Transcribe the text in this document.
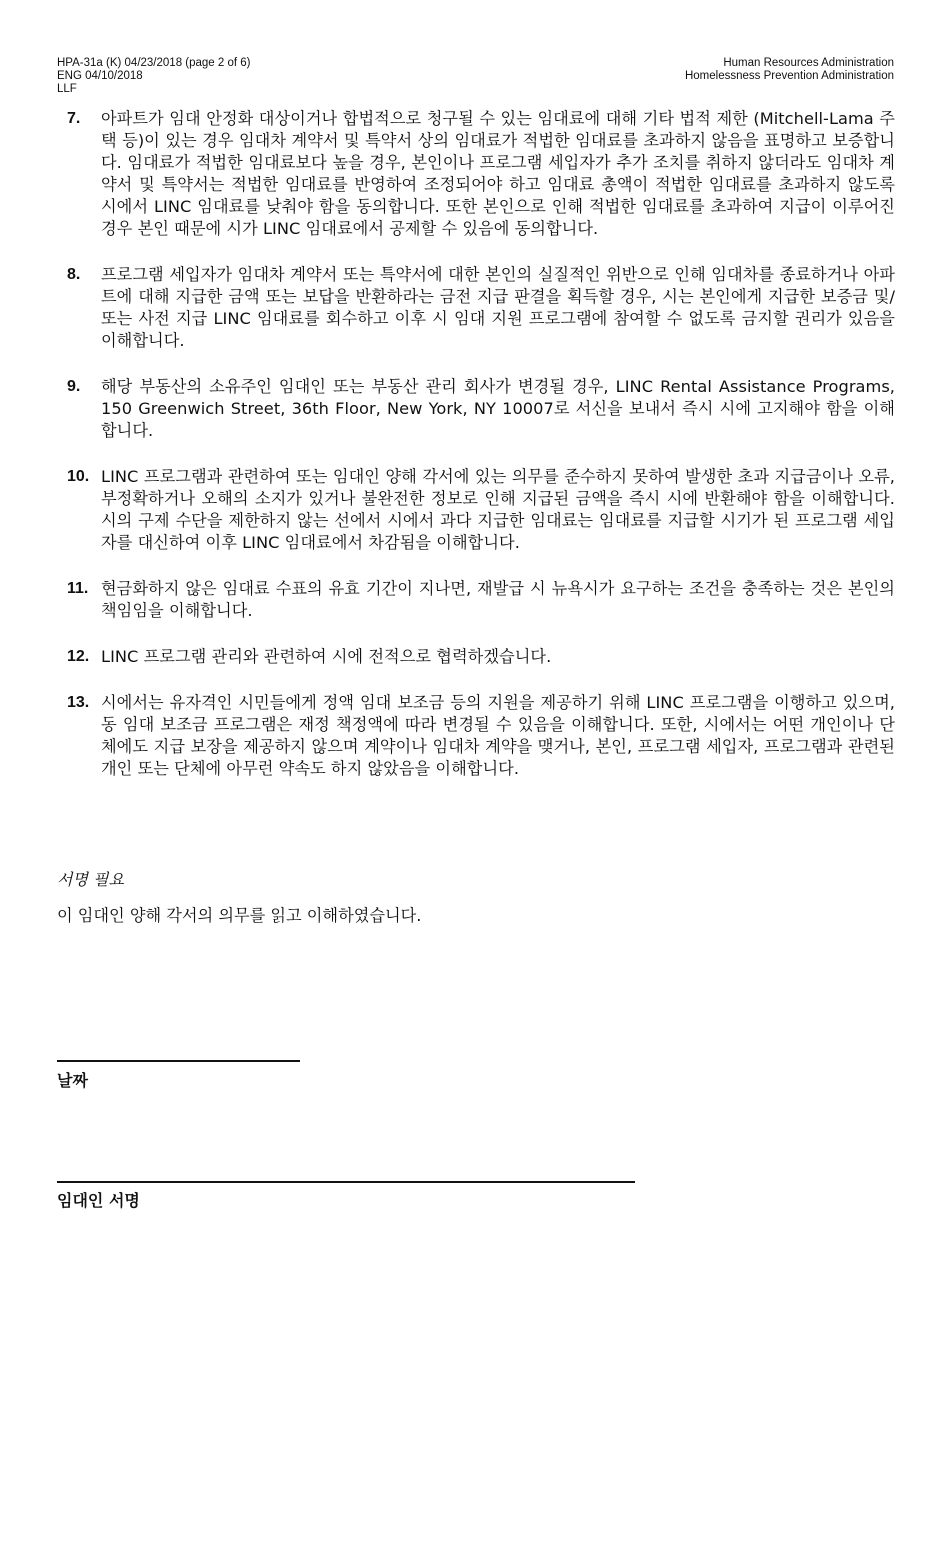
HPA-31a (K) 04/23/2018 (page 2 of 6)
ENG 04/10/2018
LLF
Human Resources Administration
Homelessness Prevention Administration
7.	아파트가 임대 안정화 대상이거나 합법적으로 청구될 수 있는 임대료에 대해 기타 법적 제한 (Mitchell-Lama 주택 등)이 있는 경우 임대차 계약서 및 특약서 상의 임대료가 적법한 임대료를 초과하지 않음을 표명하고 보증합니다. 임대료가 적법한 임대료보다 높을 경우, 본인이나 프로그램 세입자가 추가 조치를 취하지 않더라도 임대차 계약서 및 특약서는 적법한 임대료를 반영하여 조정되어야 하고 임대료 총액이 적법한 임대료를 초과하지 않도록 시에서 LINC 임대료를 낮춰야 함을 동의합니다. 또한 본인으로 인해 적법한 임대료를 초과하여 지급이 이루어진 경우 본인 때문에 시가 LINC 임대료에서 공제할 수 있음에 동의합니다.
8.	프로그램 세입자가 임대차 계약서 또는 특약서에 대한 본인의 실질적인 위반으로 인해 임대차를 종료하거나 아파트에 대해 지급한 금액 또는 보답을 반환하라는 금전 지급 판결을 획득할 경우, 시는 본인에게 지급한 보증금 및/또는 사전 지급 LINC 임대료를 회수하고 이후 시 임대 지원 프로그램에 참여할 수 없도록 금지할 권리가 있음을 이해합니다.
9.	해당 부동산의 소유주인 임대인 또는 부동산 관리 회사가 변경될 경우, LINC Rental Assistance Programs, 150 Greenwich Street, 36th Floor, New York, NY 10007로 서신을 보내서 즉시 시에 고지해야 함을 이해합니다.
10. LINC 프로그램과 관련하여 또는 임대인 양해 각서에 있는 의무를 준수하지 못하여 발생한 초과 지급금이나 오류, 부정확하거나 오해의 소지가 있거나 불완전한 정보로 인해 지급된 금액을 즉시 시에 반환해야 함을 이해합니다. 시의 구제 수단을 제한하지 않는 선에서 시에서 과다 지급한 임대료는 임대료를 지급할 시기가 된 프로그램 세입자를 대신하여 이후 LINC 임대료에서 차감됨을 이해합니다.
11. 현금화하지 않은 임대료 수표의 유효 기간이 지나면, 재발급 시 뉴욕시가 요구하는 조건을 충족하는 것은 본인의 책임임을 이해합니다.
12. LINC 프로그램 관리와 관련하여 시에 전적으로 협력하겠습니다.
13. 시에서는 유자격인 시민들에게 정액 임대 보조금 등의 지원을 제공하기 위해 LINC 프로그램을 이행하고 있으며, 동 임대 보조금 프로그램은 재정 책정액에 따라 변경될 수 있음을 이해합니다. 또한, 시에서는 어떤 개인이나 단체에도 지급 보장을 제공하지 않으며 계약이나 임대차 계약을 맺거나, 본인, 프로그램 세입자, 프로그램과 관련된 개인 또는 단체에 아무런 약속도 하지 않았음을 이해합니다.
서명 필요
이 임대인 양해 각서의 의무를 읽고 이해하였습니다.
날짜
임대인 서명
